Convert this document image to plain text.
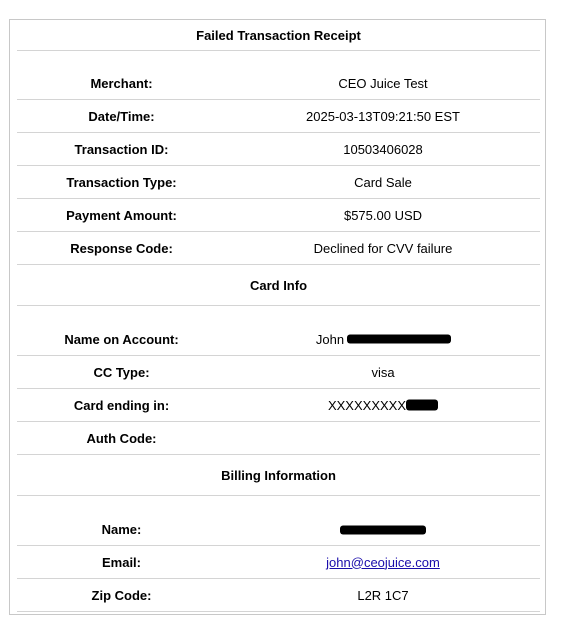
Failed Transaction Receipt
Merchant:	CEO Juice Test
Date/Time:	2025-03-13T09:21:50 EST
Transaction ID:	10503406028
Transaction Type:	Card Sale
Payment Amount:	$575.00 USD
Response Code:	Declined for CVV failure
Card Info
Name on Account:	John
CC Type:	visa
Card ending in:	XXXXXXXXX
Auth Code:
Billing Information
Name:
Email:	john@ceojuice.com
Zip Code:	L2R 1C7
